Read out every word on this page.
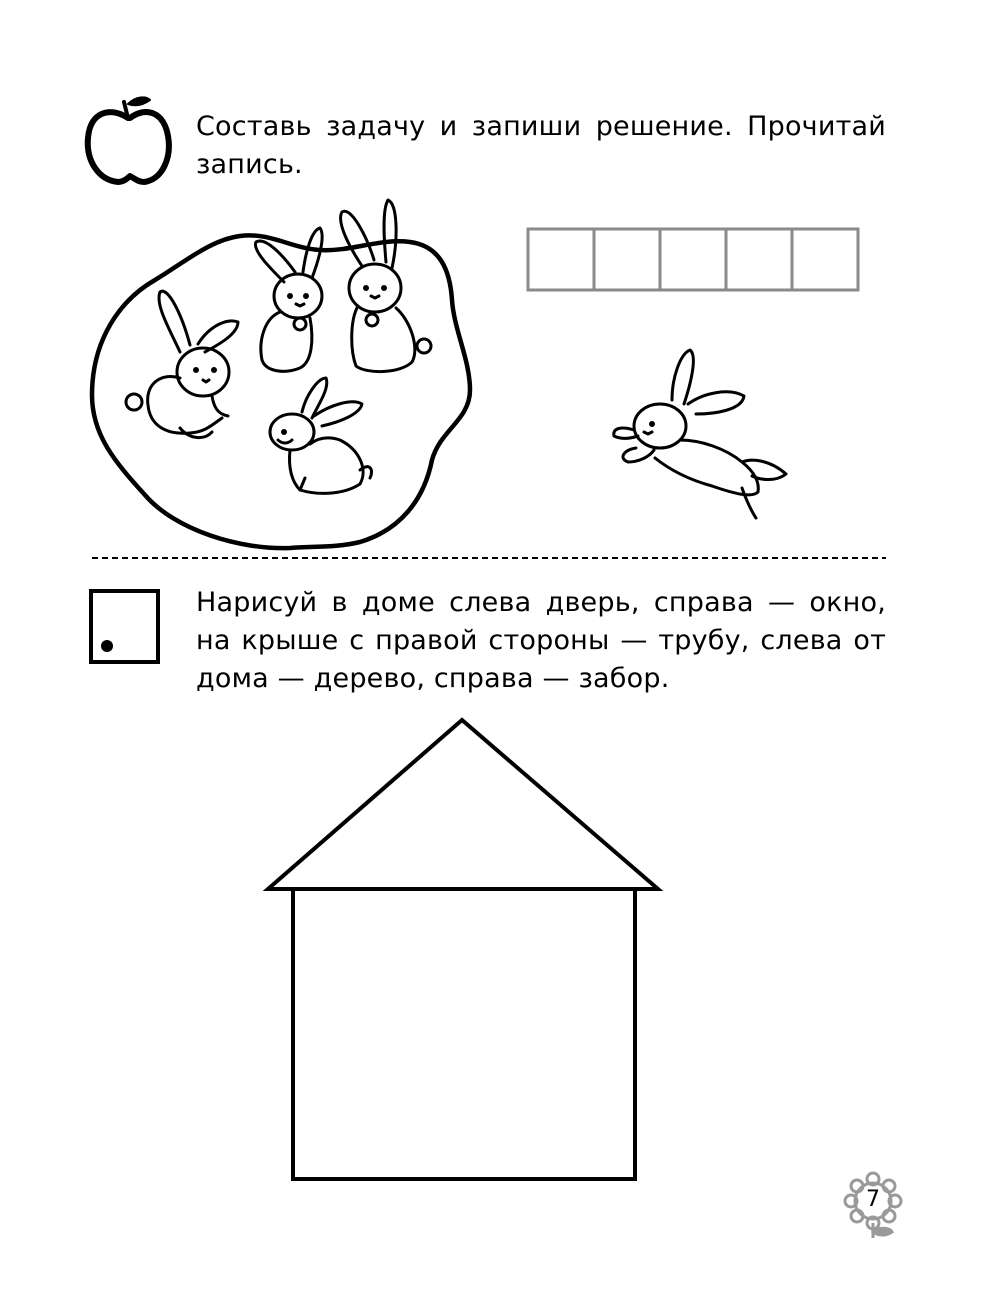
Составь задачу и запиши решение. Прочитай запись.
Нарисуй в доме слева дверь, справа — окно, на крыше с правой стороны — трубу, слева от дома — дерево, справа — забор.
7
